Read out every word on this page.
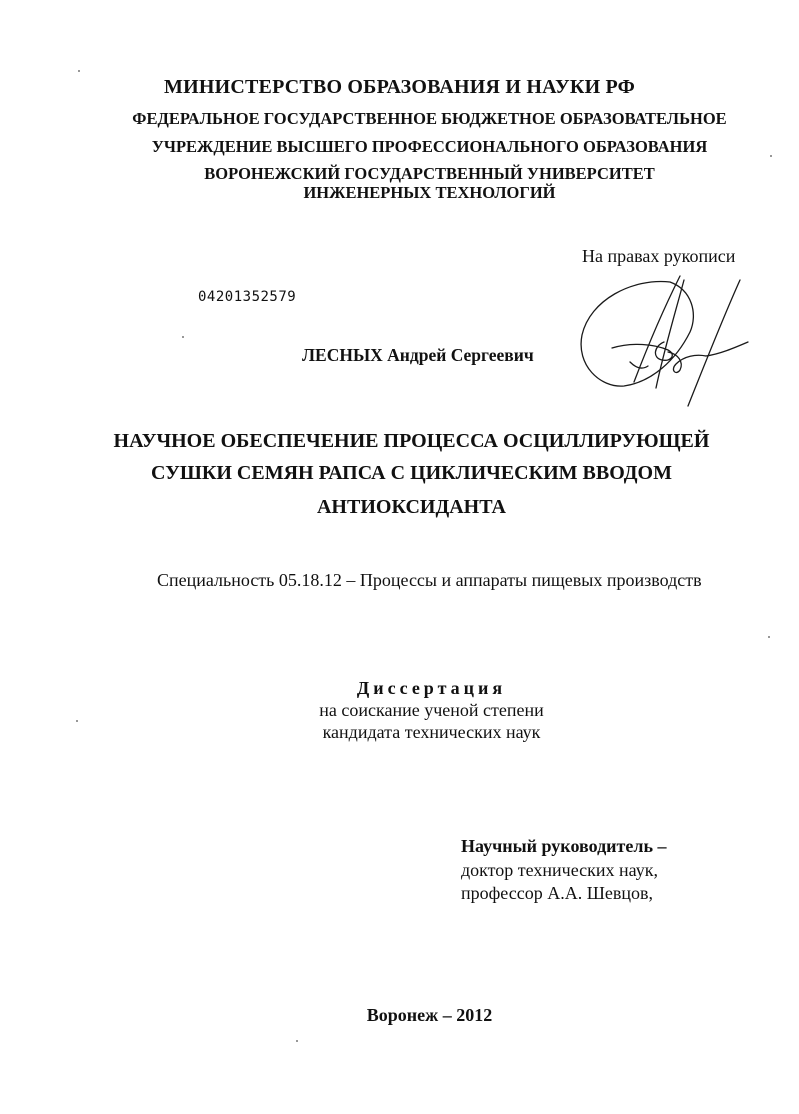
МИНИСТЕРСТВО ОБРАЗОВАНИЯ И НАУКИ РФ
ФЕДЕРАЛЬНОЕ ГОСУДАРСТВЕННОЕ БЮДЖЕТНОЕ ОБРАЗОВАТЕЛЬНОЕ
УЧРЕЖДЕНИЕ ВЫСШЕГО ПРОФЕССИОНАЛЬНОГО ОБРАЗОВАНИЯ
ВОРОНЕЖСКИЙ ГОСУДАРСТВЕННЫЙ УНИВЕРСИТЕТ
ИНЖЕНЕРНЫХ ТЕХНОЛОГИЙ
На правах рукописи
04201352579
ЛЕСНЫХ Андрей Сергеевич
НАУЧНОЕ ОБЕСПЕЧЕНИЕ ПРОЦЕССА ОСЦИЛЛИРУЮЩЕЙ
СУШКИ СЕМЯН РАПСА С ЦИКЛИЧЕСКИМ ВВОДОМ
АНТИОКСИДАНТА
Специальность 05.18.12 – Процессы и аппараты пищевых производств
Диссертация
на соискание ученой степени
кандидата технических наук
Научный руководитель –
доктор технических наук,
профессор А.А. Шевцов,
Воронеж – 2012
